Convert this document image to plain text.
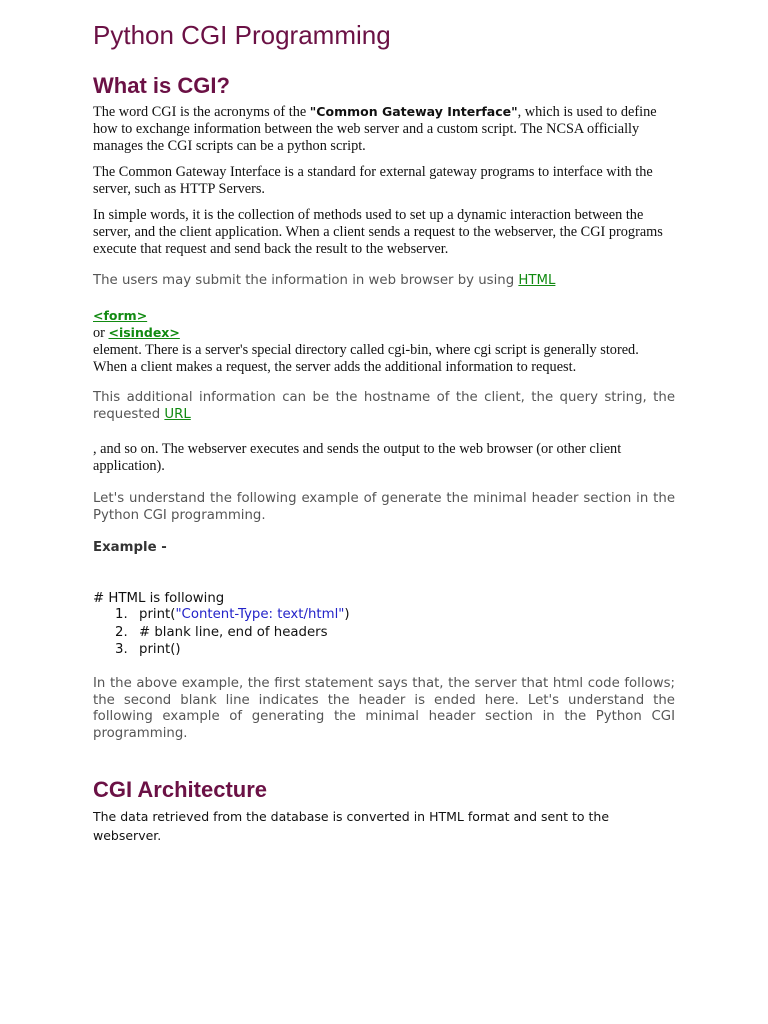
Python CGI Programming
What is CGI?

The word CGI is the acronyms of the "Common Gateway Interface", which is used to define how to exchange information between the web server and a custom script. The NCSA officially manages the CGI scripts can be a python script.

The Common Gateway Interface is a standard for external gateway programs to interface with the server, such as HTTP Servers.

In simple words, it is the collection of methods used to set up a dynamic interaction between the server, and the client application. When a client sends a request to the webserver, the CGI programs execute that request and send back the result to the webserver.

The users may submit the information in web browser by using HTML

<form>
or <isindex>

element. There is a server's special directory called cgi-bin, where cgi script is generally stored. When a client makes a request, the server adds the additional information to request.

This additional information can be the hostname of the client, the query string, the requested URL

, and so on. The webserver executes and sends the output to the web browser (or other client application).

Let's understand the following example of generate the minimal header section in the Python CGI programming.

Example -

# HTML is following

1. print("Content-Type: text/html")
2. # blank line, end of headers
3. print()

In the above example, the first statement says that, the server that html code follows; the second blank line indicates the header is ended here. Let's understand the following example of generating the minimal header section in the Python CGI programming.

CGI Architecture

The data retrieved from the database is converted in HTML format and sent to the webserver.
